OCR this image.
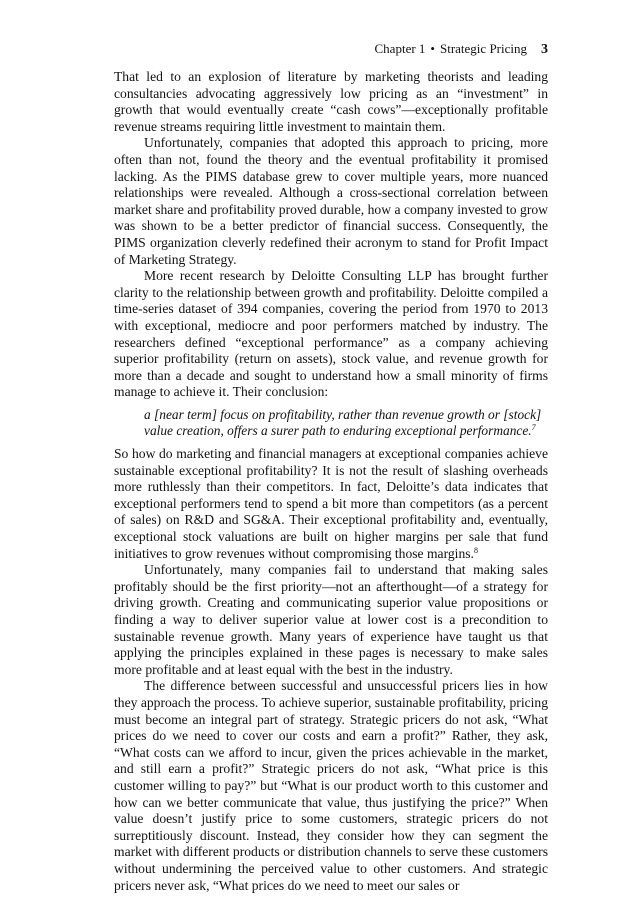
Chapter 1 • Strategic Pricing 3

That led to an explosion of literature by marketing theorists and leading consultancies advocating aggressively low pricing as an “investment” in growth that would eventually create “cash cows”—exceptionally profitable revenue streams requiring little investment to maintain them.

Unfortunately, companies that adopted this approach to pricing, more often than not, found the theory and the eventual profitability it promised lacking. As the PIMS database grew to cover multiple years, more nuanced relationships were revealed. Although a cross-sectional correlation between market share and profitability proved durable, how a company invested to grow was shown to be a better predictor of financial success. Consequently, the PIMS organization cleverly redefined their acronym to stand for Profit Impact of Marketing Strategy.

More recent research by Deloitte Consulting LLP has brought further clarity to the relationship between growth and profitability. Deloitte compiled a time-series dataset of 394 companies, covering the period from 1970 to 2013 with exceptional, mediocre and poor performers matched by industry. The researchers defined “exceptional performance” as a company achieving superior profitability (return on assets), stock value, and revenue growth for more than a decade and sought to understand how a small minority of firms manage to achieve it. Their conclusion:

a [near term] focus on profitability, rather than revenue growth or [stock] value creation, offers a surer path to enduring exceptional performance.$^7$

So how do marketing and financial managers at exceptional companies achieve sustainable exceptional profitability? It is not the result of slashing overheads more ruthlessly than their competitors. In fact, Deloitte’s data indicates that exceptional performers tend to spend a bit more than competitors (as a percent of sales) on R&D and SG&A. Their exceptional profitability and, eventually, exceptional stock valuations are built on higher margins per sale that fund initiatives to grow revenues without compromising those margins.$^8$

Unfortunately, many companies fail to understand that making sales profitably should be the first priority—not an afterthought—of a strategy for driving growth. Creating and communicating superior value propositions or finding a way to deliver superior value at lower cost is a precondition to sustainable revenue growth. Many years of experience have taught us that applying the principles explained in these pages is necessary to make sales more profitable and at least equal with the best in the industry.

The difference between successful and unsuccessful pricers lies in how they approach the process. To achieve superior, sustainable profitability, pricing must become an integral part of strategy. Strategic pricers do not ask, “What prices do we need to cover our costs and earn a profit?” Rather, they ask, “What costs can we afford to incur, given the prices achievable in the market, and still earn a profit?” Strategic pricers do not ask, “What price is this customer willing to pay?” but “What is our product worth to this customer and how can we better communicate that value, thus justifying the price?” When value doesn’t justify price to some customers, strategic pricers do not surreptitiously discount. Instead, they consider how they can segment the market with different products or distribution channels to serve these customers without undermining the perceived value to other customers. And strategic pricers never ask, “What prices do we need to meet our sales or
